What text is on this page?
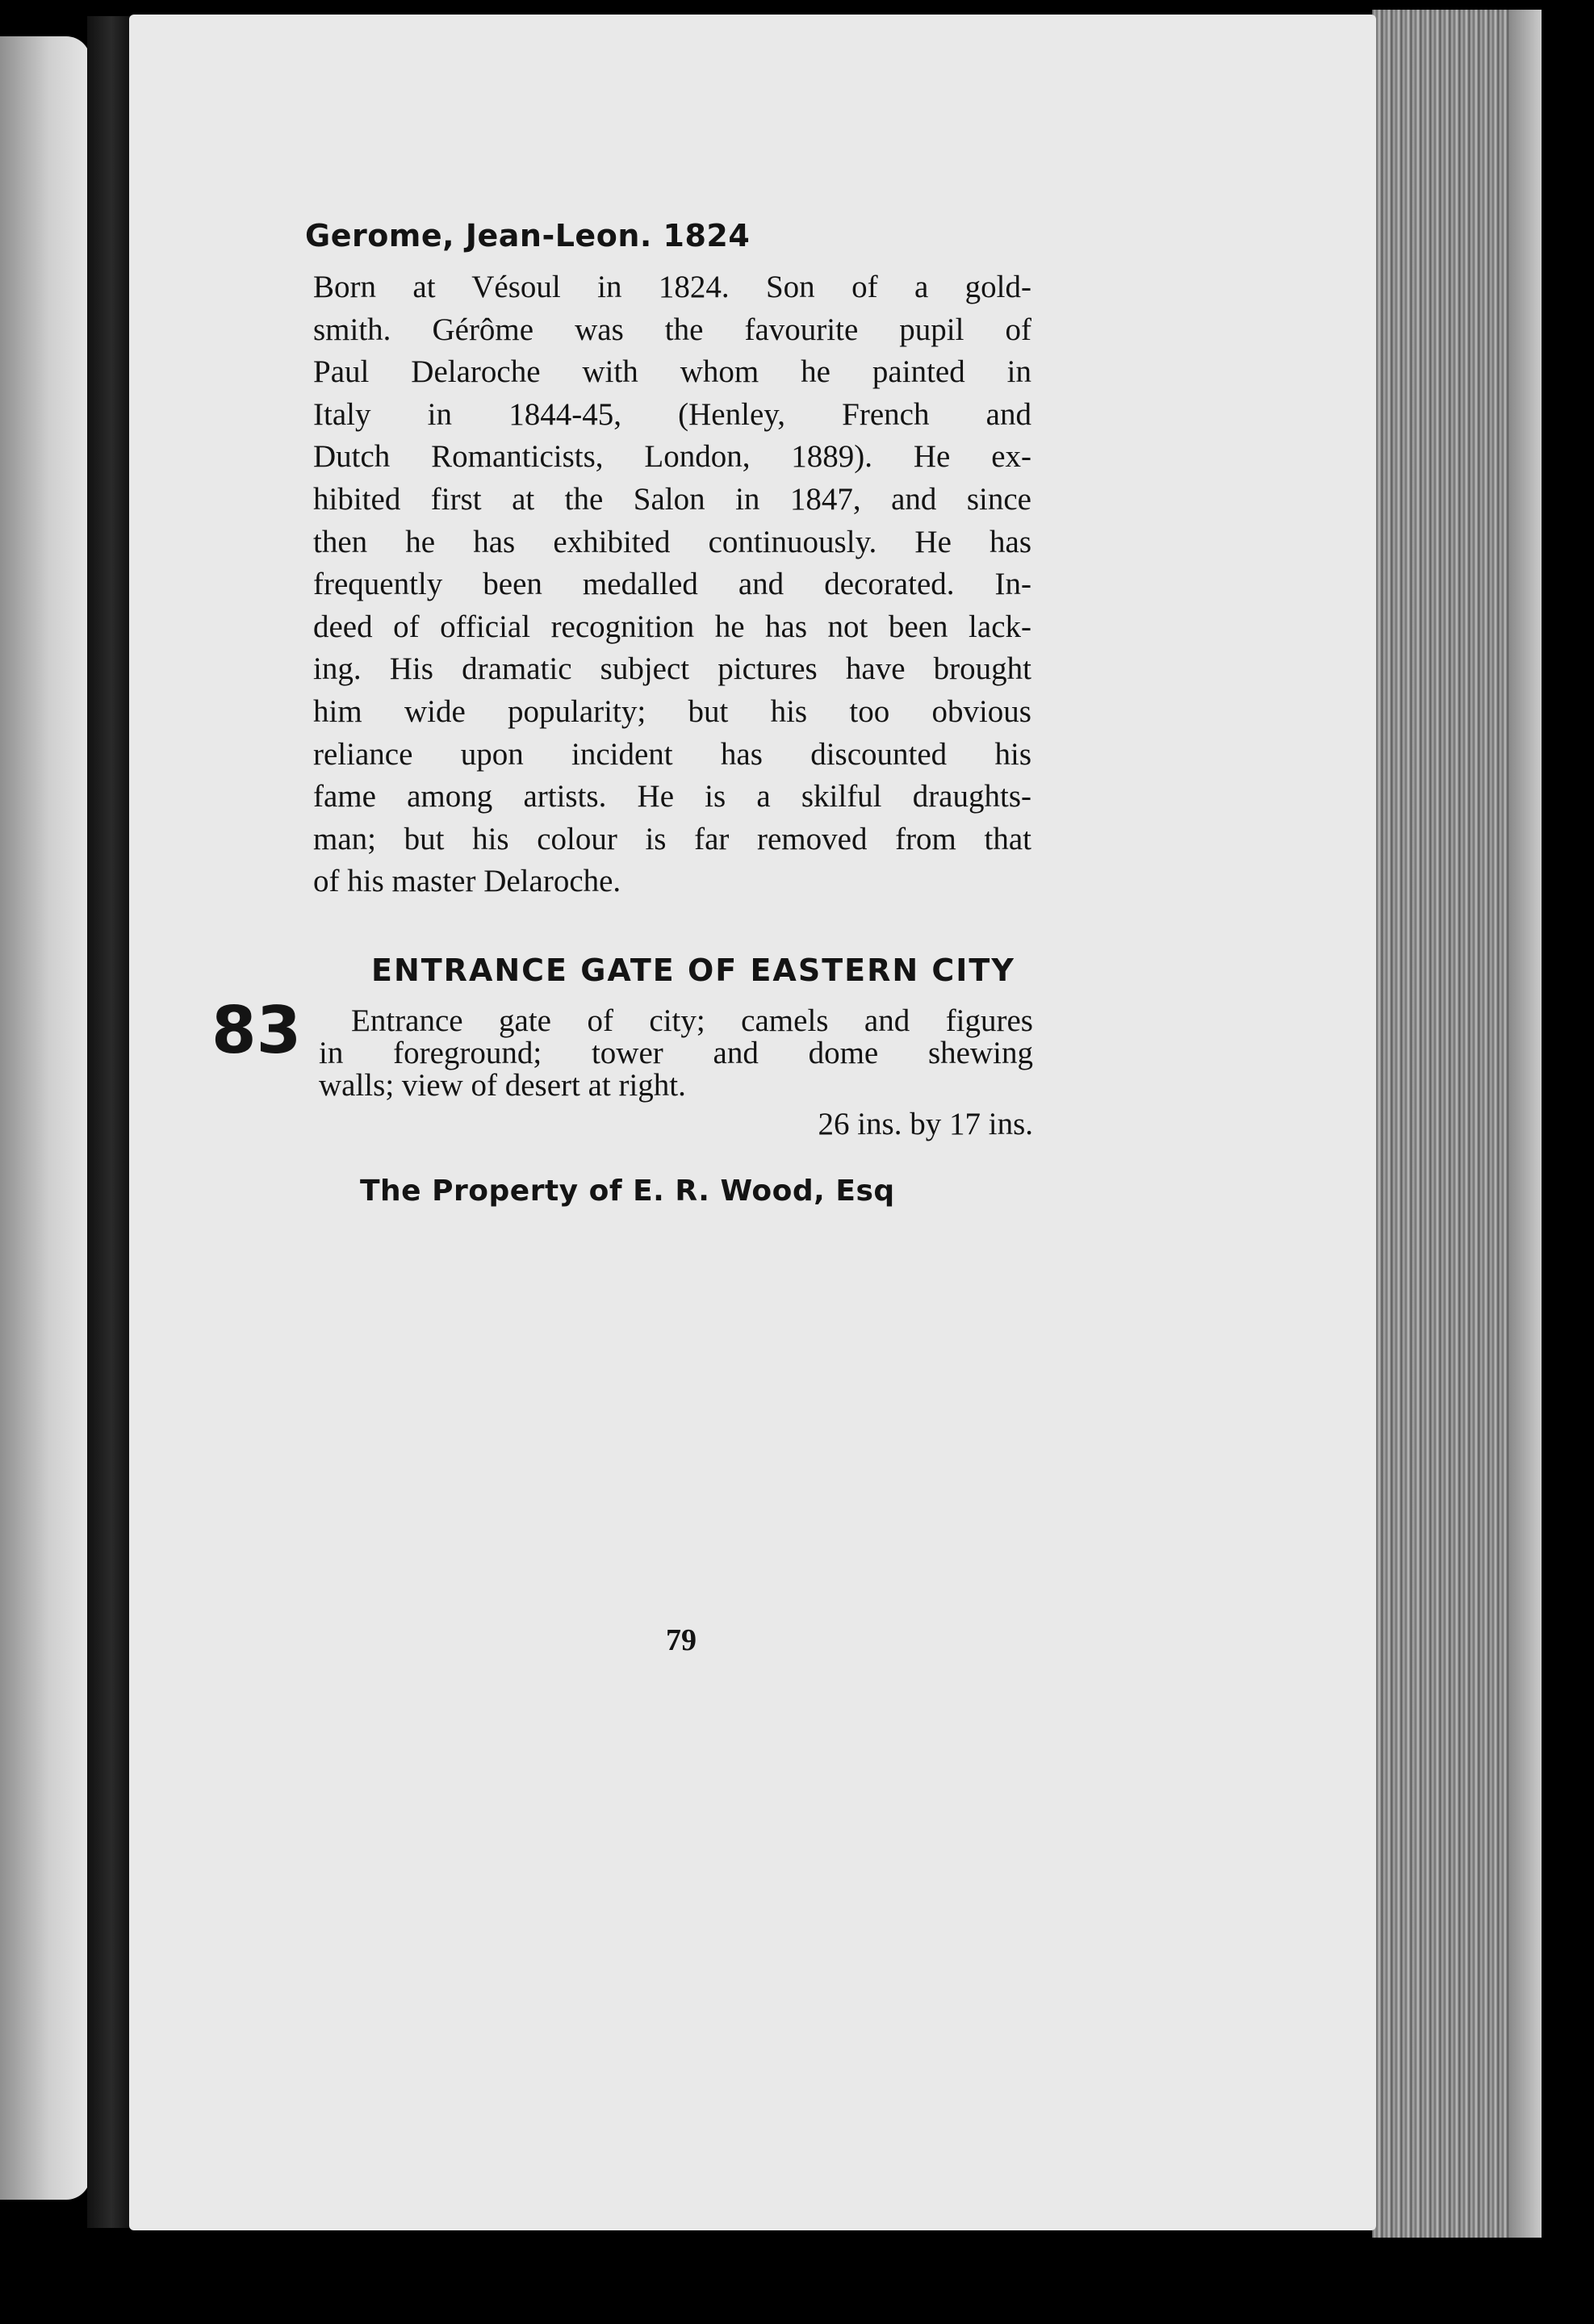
Gerome, Jean-Leon. 1824
Born at Vésoul in 1824. Son of a gold-
smith. Gérôme was the favourite pupil of
Paul Delaroche with whom he painted in
Italy in 1844-45, (Henley, French and
Dutch Romanticists, London, 1889). He ex-
hibited first at the Salon in 1847, and since
then he has exhibited continuously. He has
frequently been medalled and decorated. In-
deed of official recognition he has not been lack-
ing. His dramatic subject pictures have brought
him wide popularity; but his too obvious
reliance upon incident has discounted his
fame among artists. He is a skilful draughts-
man; but his colour is far removed from that
of his master Delaroche.
ENTRANCE GATE OF EASTERN CITY
83	Entrance gate of city; camels and figures
in foreground; tower and dome shewing
walls; view of desert at right.
26 ins. by 17 ins.
The Property of E. R. Wood, Esq
79
